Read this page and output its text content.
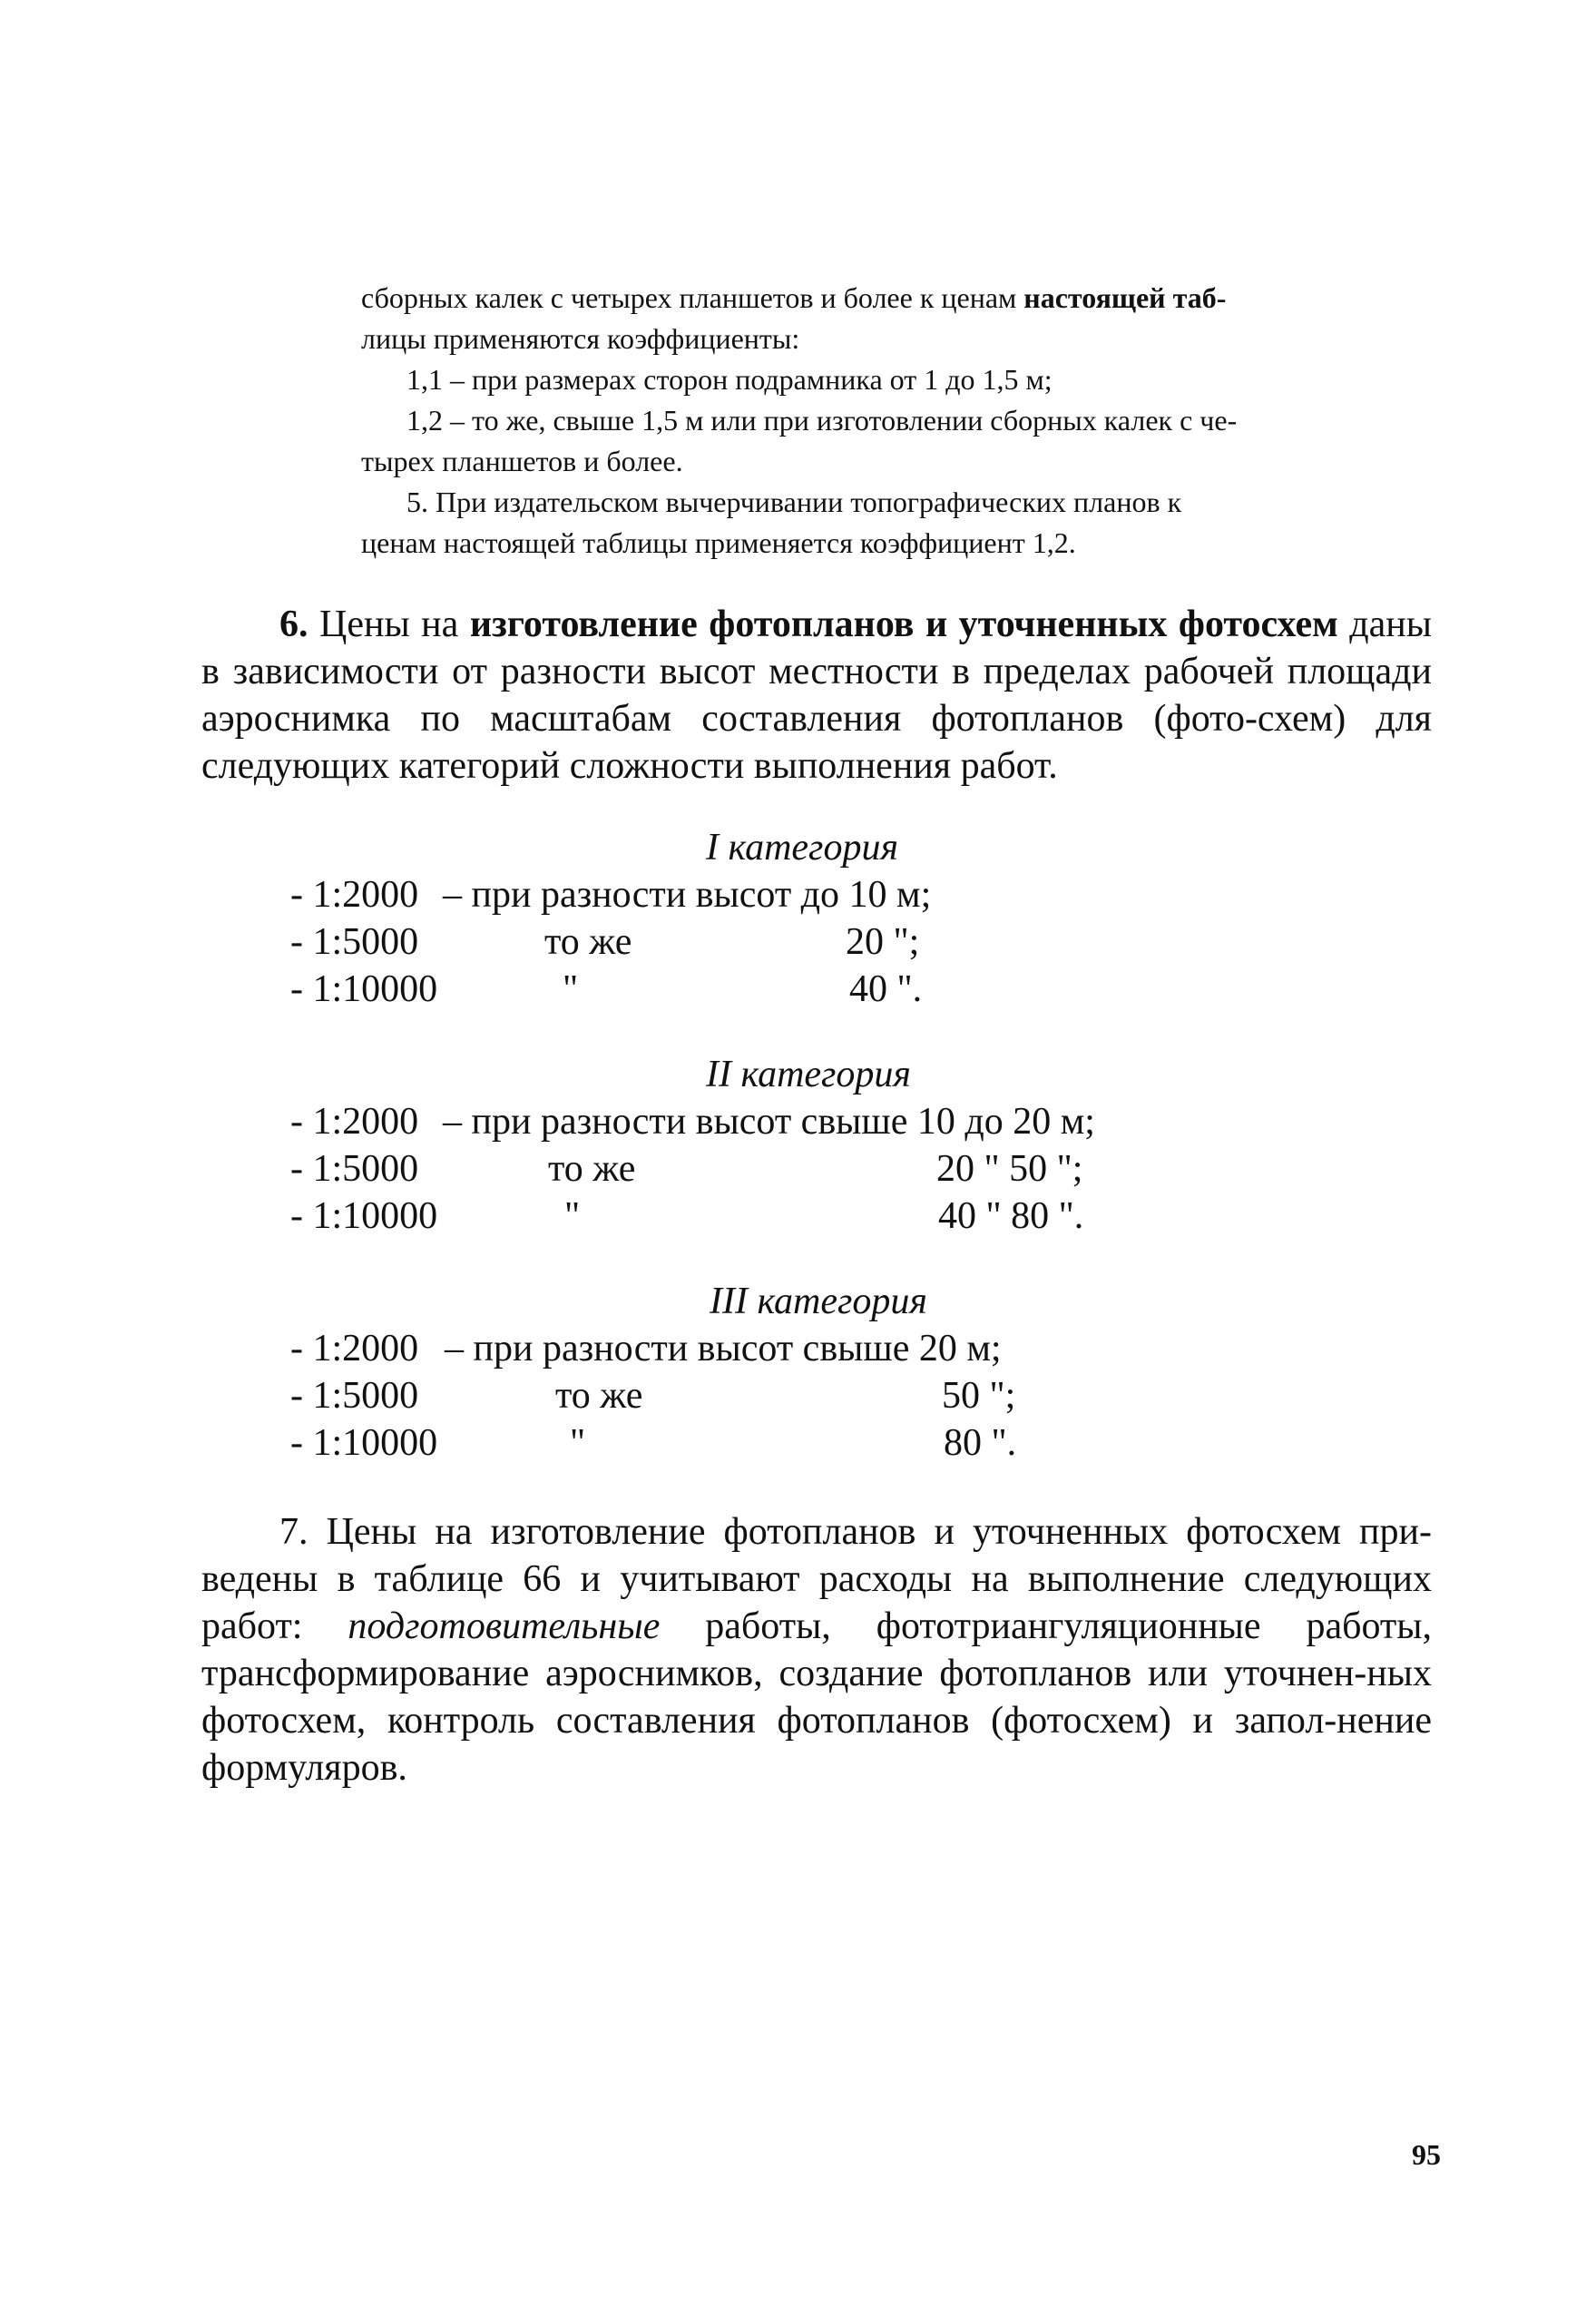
сборных калек с четырех планшетов и более к ценам настоящей таб-

лицы применяются коэффициенты:

1,1 – при размерах сторон подрамника от 1 до 1,5 м;

1,2 – то же, свыше 1,5 м или при изготовлении сборных калек с че-

тырех планшетов и более.

5. При издательском вычерчивании топографических планов к

ценам настоящей таблицы применяется коэффициент 1,2.

6. Цены на изготовление фотопланов и уточненных фотосхем даны в зависимости от разности высот местности в пределах рабочей площади аэроснимка по масштабам составления фотопланов (фото-схем) для следующих категорий сложности выполнения работ.

I категория
- 1:2000 – при разности высот до 10 м;
- 1:5000	то же	20 ";
- 1:10000	"	40 ".
II категория
- 1:2000 – при разности высот свыше 10 до 20 м;
- 1:5000	то же	20 " 50 ";
- 1:10000	"	40 " 80 ".
III категория
- 1:2000 – при разности высот свыше 20 м;
- 1:5000	то же	50 ";
- 1:10000	"	80 ".

7. Цены на изготовление фотопланов и уточненных фотосхем при-ведены в таблице 66 и учитывают расходы на выполнение следующих работ: подготовительные работы, фототриангуляционные работы, трансформирование аэроснимков, создание фотопланов или уточнен-ных фотосхем, контроль составления фотопланов (фотосхем) и запол-нение формуляров.

95
